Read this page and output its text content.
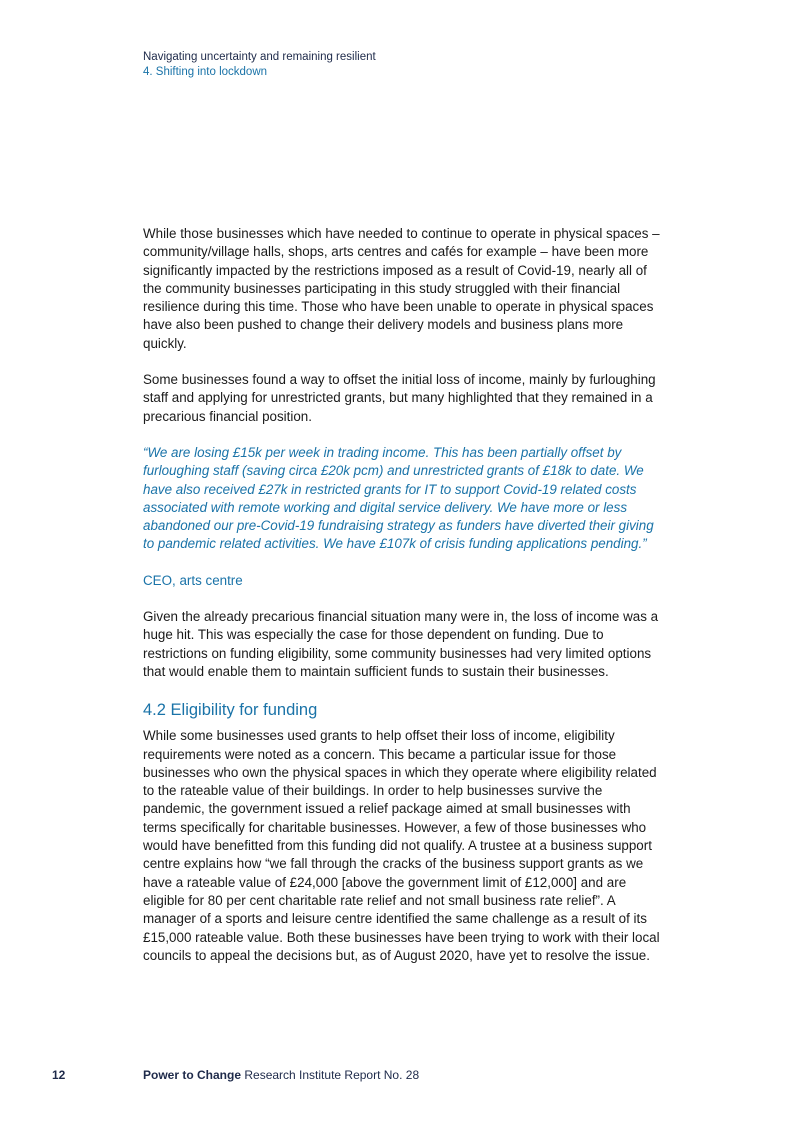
Navigating uncertainty and remaining resilient
4. Shifting into lockdown

While those businesses which have needed to continue to operate in physical spaces –community/village halls, shops, arts centres and cafés for example – have been more significantly impacted by the restrictions imposed as a result of Covid-19, nearly all of the community businesses participating in this study struggled with their financial resilience during this time. Those who have been unable to operate in physical spaces have also been pushed to change their delivery models and business plans more quickly.

Some businesses found a way to offset the initial loss of income, mainly by furloughing staff and applying for unrestricted grants, but many highlighted that they remained in a precarious financial position.

“We are losing £15k per week in trading income. This has been partially offset by furloughing staff (saving circa £20k pcm) and unrestricted grants of £18k to date. We have also received £27k in restricted grants for IT to support Covid-19 related costs associated with remote working and digital service delivery. We have more or less abandoned our pre-Covid-19 fundraising strategy as funders have diverted their giving to pandemic related activities. We have £107k of crisis funding applications pending.”

CEO, arts centre

Given the already precarious financial situation many were in, the loss of income was a huge hit. This was especially the case for those dependent on funding. Due to restrictions on funding eligibility, some community businesses had very limited options that would enable them to maintain sufficient funds to sustain their businesses.

4.2 Eligibility for funding

While some businesses used grants to help offset their loss of income, eligibility requirements were noted as a concern. This became a particular issue for those businesses who own the physical spaces in which they operate where eligibility related to the rateable value of their buildings. In order to help businesses survive the pandemic, the government issued a relief package aimed at small businesses with terms specifically for charitable businesses. However, a few of those businesses who would have benefitted from this funding did not qualify. A trustee at a business support centre explains how “we fall through the cracks of the business support grants as we have a rateable value of £24,000 [above the government limit of £12,000] and are eligible for 80 per cent charitable rate relief and not small business rate relief”. A manager of a sports and leisure centre identified the same challenge as a result of its £15,000 rateable value. Both these businesses have been trying to work with their local councils to appeal the decisions but, as of August 2020, have yet to resolve the issue.

12	Power to Change Research Institute Report No. 28
